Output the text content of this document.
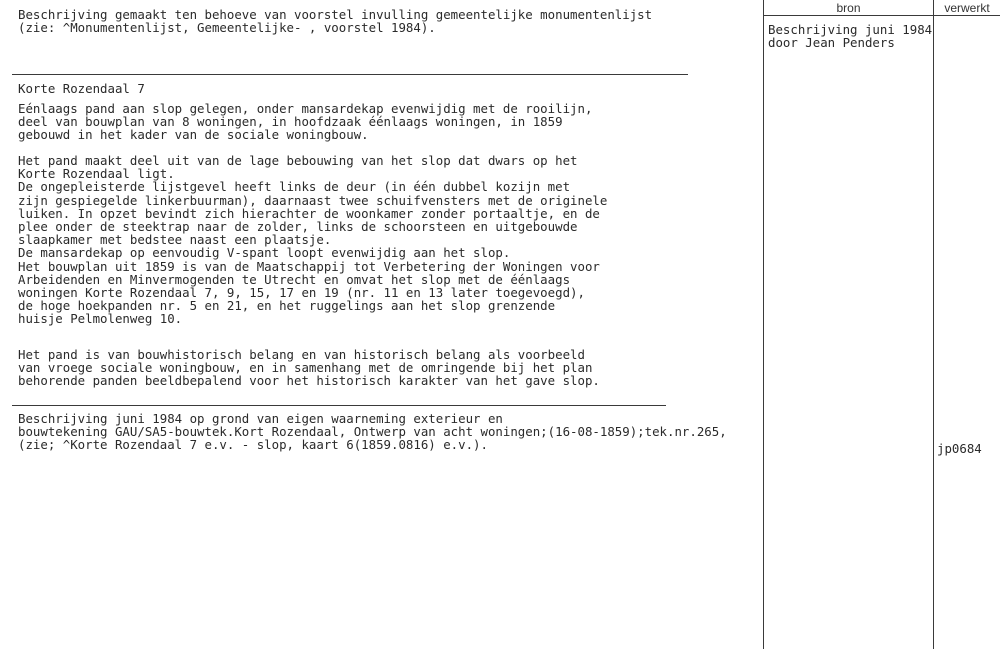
Beschrijving gemaakt ten behoeve van voorstel invulling gemeentelijke monumentenlijst
(zie: ^Monumentenlijst, Gemeentelijke- , voorstel 1984).
Korte Rozendaal 7
Eénlaags pand aan slop gelegen, onder mansardekap evenwijdig met de rooilijn,
deel van bouwplan van 8 woningen, in hoofdzaak éénlaags woningen, in 1859
gebouwd in het kader van de sociale woningbouw.
Het pand maakt deel uit van de lage bebouwing van het slop dat dwars op het
Korte Rozendaal ligt.
De ongepleisterde lijstgevel heeft links de deur (in één dubbel kozijn met
zijn gespiegelde linkerbuurman), daarnaast twee schuifvensters met de originele
luiken. In opzet bevindt zich hierachter de woonkamer zonder portaaltje, en de
plee onder de steektrap naar de zolder, links de schoorsteen en uitgebouwde
slaapkamer met bedstee naast een plaatsje.
De mansardekap op eenvoudig V-spant loopt evenwijdig aan het slop.
Het bouwplan uit 1859 is van de Maatschappij tot Verbetering der Woningen voor
Arbeidenden en Minvermogenden te Utrecht en omvat het slop met de éénlaags
woningen Korte Rozendaal 7, 9, 15, 17 en 19 (nr. 11 en 13 later toegevoegd),
de hoge hoekpanden nr. 5 en 21, en het ruggelings aan het slop grenzende
huisje Pelmolenweg 10.
Het pand is van bouwhistorisch belang en van historisch belang als voorbeeld
van vroege sociale woningbouw, en in samenhang met de omringende bij het plan
behorende panden beeldbepalend voor het historisch karakter van het gave slop.
Beschrijving juni 1984 op grond van eigen waarneming exterieur en
bouwtekening GAU/SA5-bouwtek.Kort Rozendaal, Ontwerp van acht woningen;(16-08-1859);tek.nr.265,
(zie; ^Korte Rozendaal 7 e.v. - slop, kaart 6(1859.0816) e.v.).
bron	verwerkt
Beschrijving juni 1984
door Jean Penders
jp0684
